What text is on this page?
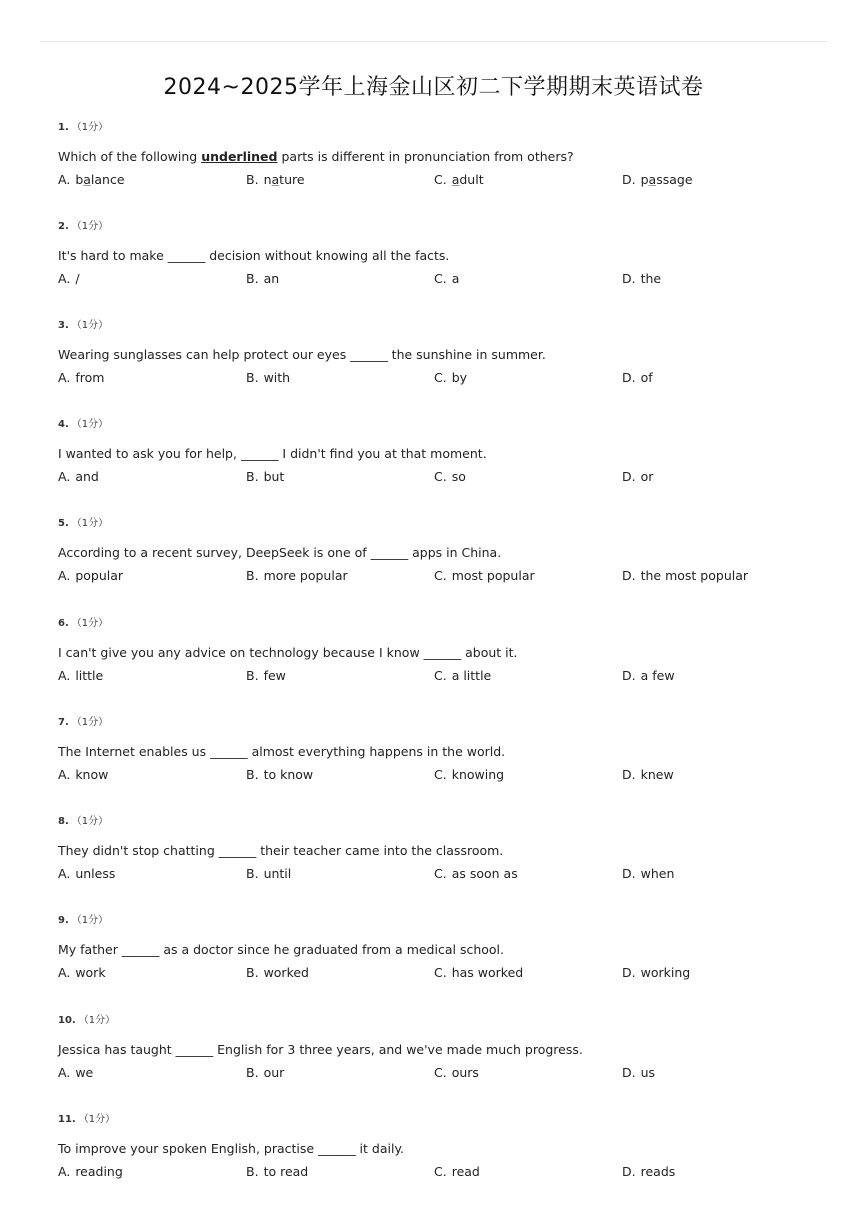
2024~2025学年上海金山区初二下学期期末英语试卷
1. （1分）
Which of the following underlined parts is different in pronunciation from others?
A. balance	B. nature	C. adult	D. passage
2. （1分）
It's hard to make ______ decision without knowing all the facts.
A. /	B. an	C. a	D. the
3. （1分）
Wearing sunglasses can help protect our eyes ______ the sunshine in summer.
A. from	B. with	C. by	D. of
4. （1分）
I wanted to ask you for help, ______ I didn't find you at that moment.
A. and	B. but	C. so	D. or
5. （1分）
According to a recent survey, DeepSeek is one of ______ apps in China.
A. popular	B. more popular	C. most popular	D. the most popular
6. （1分）
I can't give you any advice on technology because I know ______ about it.
A. little	B. few	C. a little	D. a few
7. （1分）
The Internet enables us ______ almost everything happens in the world.
A. know	B. to know	C. knowing	D. knew
8. （1分）
They didn't stop chatting ______ their teacher came into the classroom.
A. unless	B. until	C. as soon as	D. when
9. （1分）
My father ______ as a doctor since he graduated from a medical school.
A. work	B. worked	C. has worked	D. working
10. （1分）
Jessica has taught ______ English for 3 three years, and we've made much progress.
A. we	B. our	C. ours	D. us
11. （1分）
To improve your spoken English, practise ______ it daily.
A. reading	B. to read	C. read	D. reads
